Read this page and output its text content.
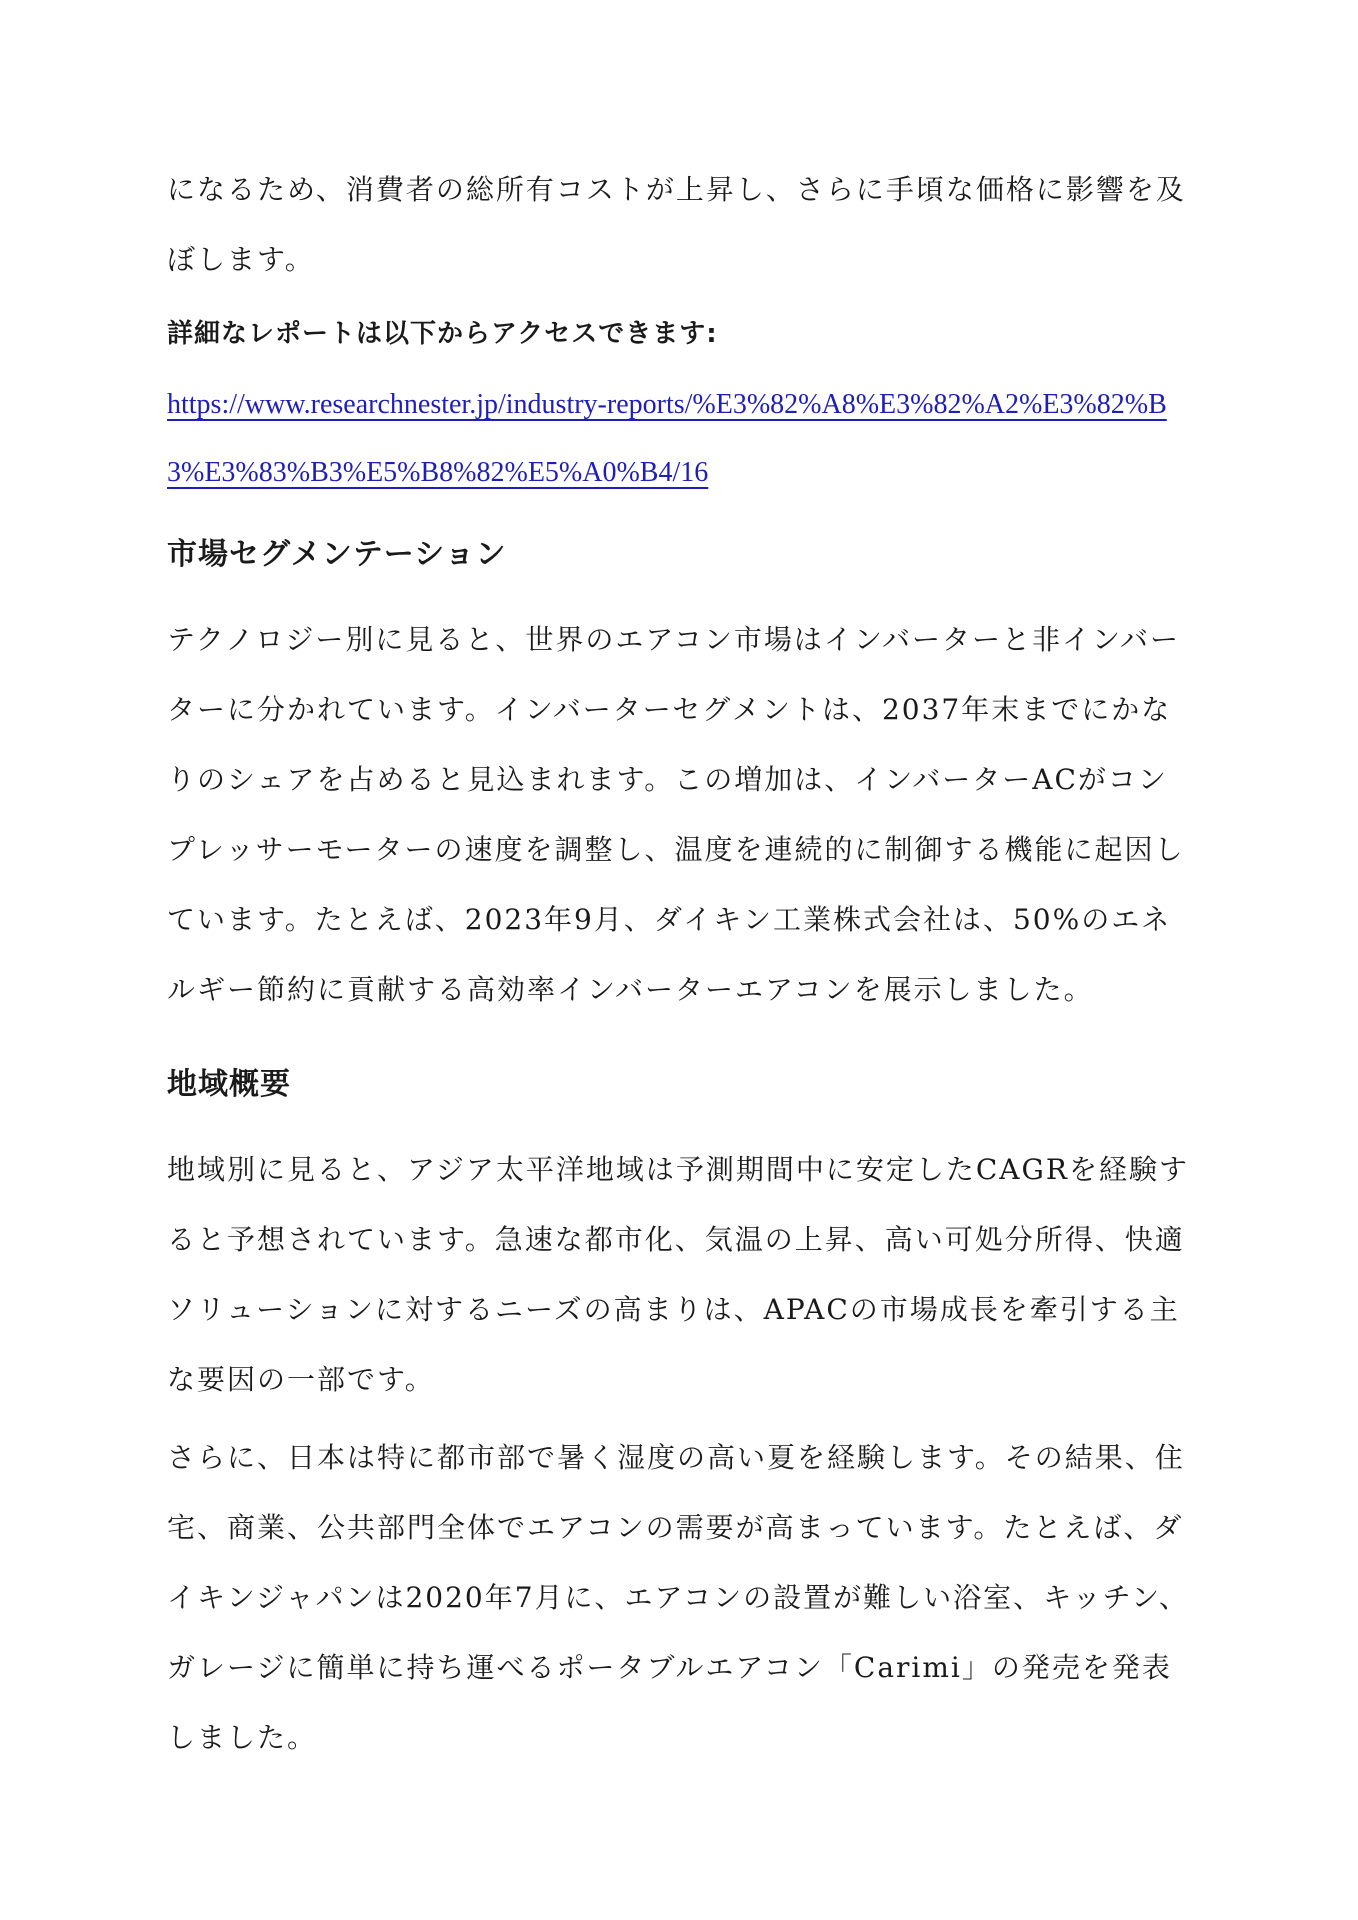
になるため、消費者の総所有コストが上昇し、さらに手頃な価格に影響を及ぼします。

詳細なレポートは以下からアクセスできます:
https://www.researchnester.jp/industry-reports/%E3%82%A8%E3%82%A2%E3%82%B3%E3%83%B3%E5%B8%82%E5%A0%B4/16
市場セグメンテーション

テクノロジー別に見ると、世界のエアコン市場はインバーターと非インバーターに分かれています。インバーターセグメントは、2037年末までにかなりのシェアを占めると見込まれます。この増加は、インバーターACがコンプレッサーモーターの速度を調整し、温度を連続的に制御する機能に起因しています。たとえば、2023年9月、ダイキン工業株式会社は、50%のエネルギー節約に貢献する高効率インバーターエアコンを展示しました。

地域概要

地域別に見ると、アジア太平洋地域は予測期間中に安定したCAGRを経験すると予想されています。急速な都市化、気温の上昇、高い可処分所得、快適ソリューションに対するニーズの高まりは、APACの市場成長を牽引する主な要因の一部です。

さらに、日本は特に都市部で暑く湿度の高い夏を経験します。その結果、住宅、商業、公共部門全体でエアコンの需要が高まっています。たとえば、ダイキンジャパンは2020年7月に、エアコンの設置が難しい浴室、キッチン、ガレージに簡単に持ち運べるポータブルエアコン「Carimi」の発売を発表しました。
